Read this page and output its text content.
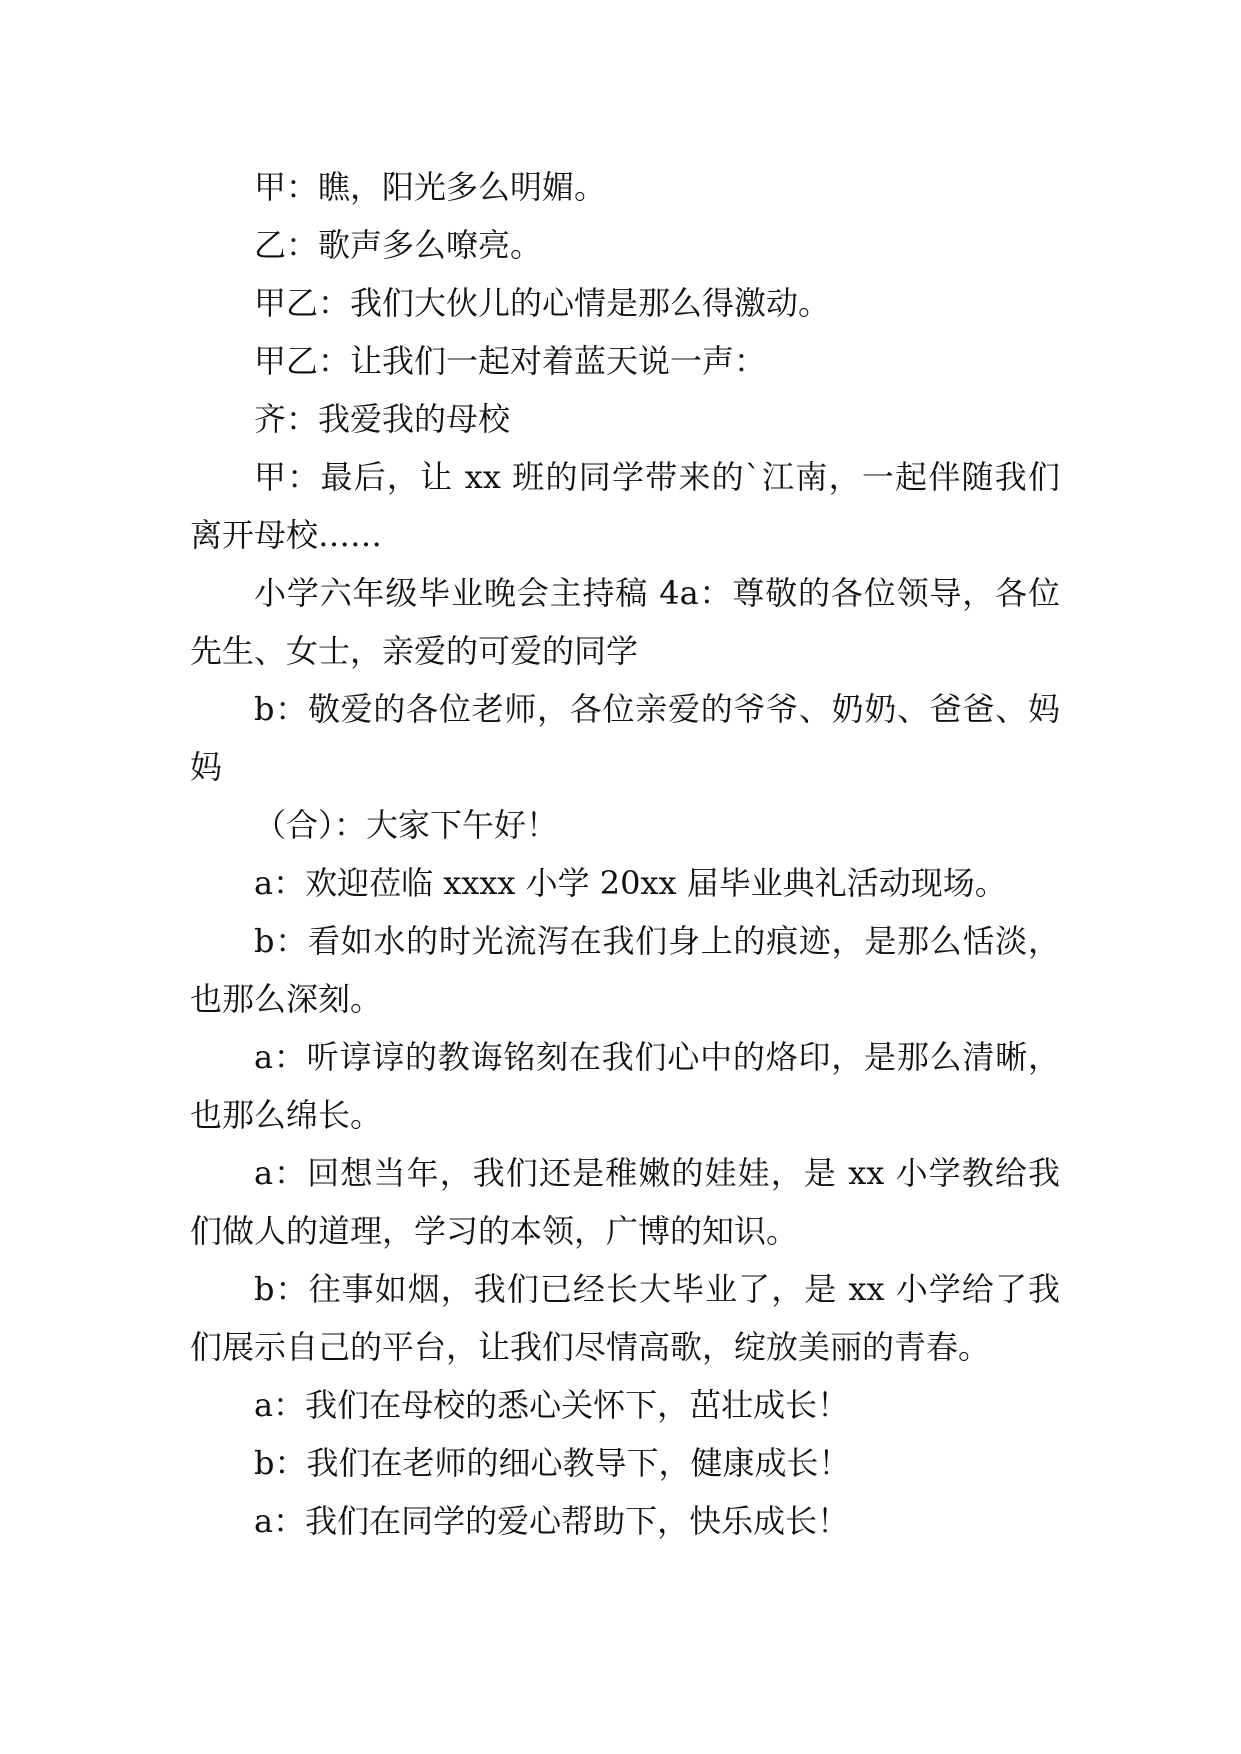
甲：瞧，阳光多么明媚。

乙：歌声多么嘹亮。

甲乙：我们大伙儿的心情是那么得激动。

甲乙：让我们一起对着蓝天说一声：

齐：我爱我的母校

甲：最后，让 xx 班的同学带来的`江南，一起伴随我们离开母校……

小学六年级毕业晚会主持稿 4a：尊敬的各位领导，各位先生、女士，亲爱的可爱的同学

b：敬爱的各位老师，各位亲爱的爷爷、奶奶、爸爸、妈妈

（合）：大家下午好！

a：欢迎莅临 xxxx 小学 20xx 届毕业典礼活动现场。

b：看如水的时光流泻在我们身上的痕迹，是那么恬淡，也那么深刻。

a：听谆谆的教诲铭刻在我们心中的烙印，是那么清晰，也那么绵长。

a：回想当年，我们还是稚嫩的娃娃，是 xx 小学教给我们做人的道理，学习的本领，广博的知识。

b：往事如烟，我们已经长大毕业了，是 xx 小学给了我们展示自己的平台，让我们尽情高歌，绽放美丽的青春。

a：我们在母校的悉心关怀下，茁壮成长！

b：我们在老师的细心教导下，健康成长！

a：我们在同学的爱心帮助下，快乐成长！
